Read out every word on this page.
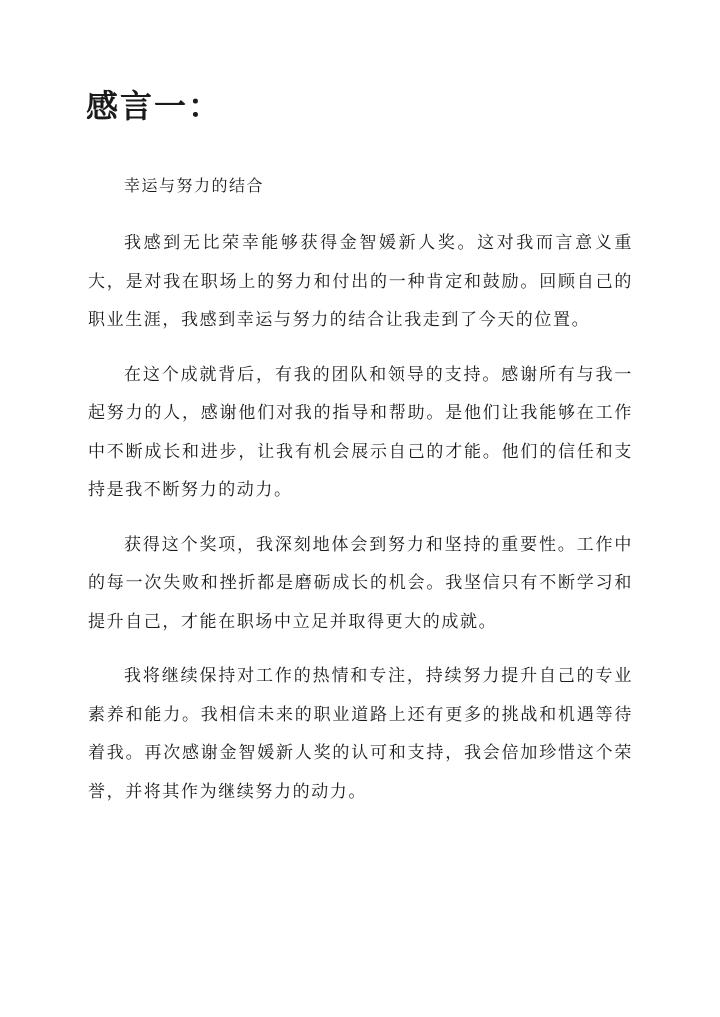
感言一：

幸运与努力的结合

我感到无比荣幸能够获得金智媛新人奖。这对我而言意义重大，是对我在职场上的努力和付出的一种肯定和鼓励。回顾自己的职业生涯，我感到幸运与努力的结合让我走到了今天的位置。

在这个成就背后，有我的团队和领导的支持。感谢所有与我一起努力的人，感谢他们对我的指导和帮助。是他们让我能够在工作中不断成长和进步，让我有机会展示自己的才能。他们的信任和支持是我不断努力的动力。

获得这个奖项，我深刻地体会到努力和坚持的重要性。工作中的每一次失败和挫折都是磨砺成长的机会。我坚信只有不断学习和提升自己，才能在职场中立足并取得更大的成就。

我将继续保持对工作的热情和专注，持续努力提升自己的专业素养和能力。我相信未来的职业道路上还有更多的挑战和机遇等待着我。再次感谢金智媛新人奖的认可和支持，我会倍加珍惜这个荣誉，并将其作为继续努力的动力。
